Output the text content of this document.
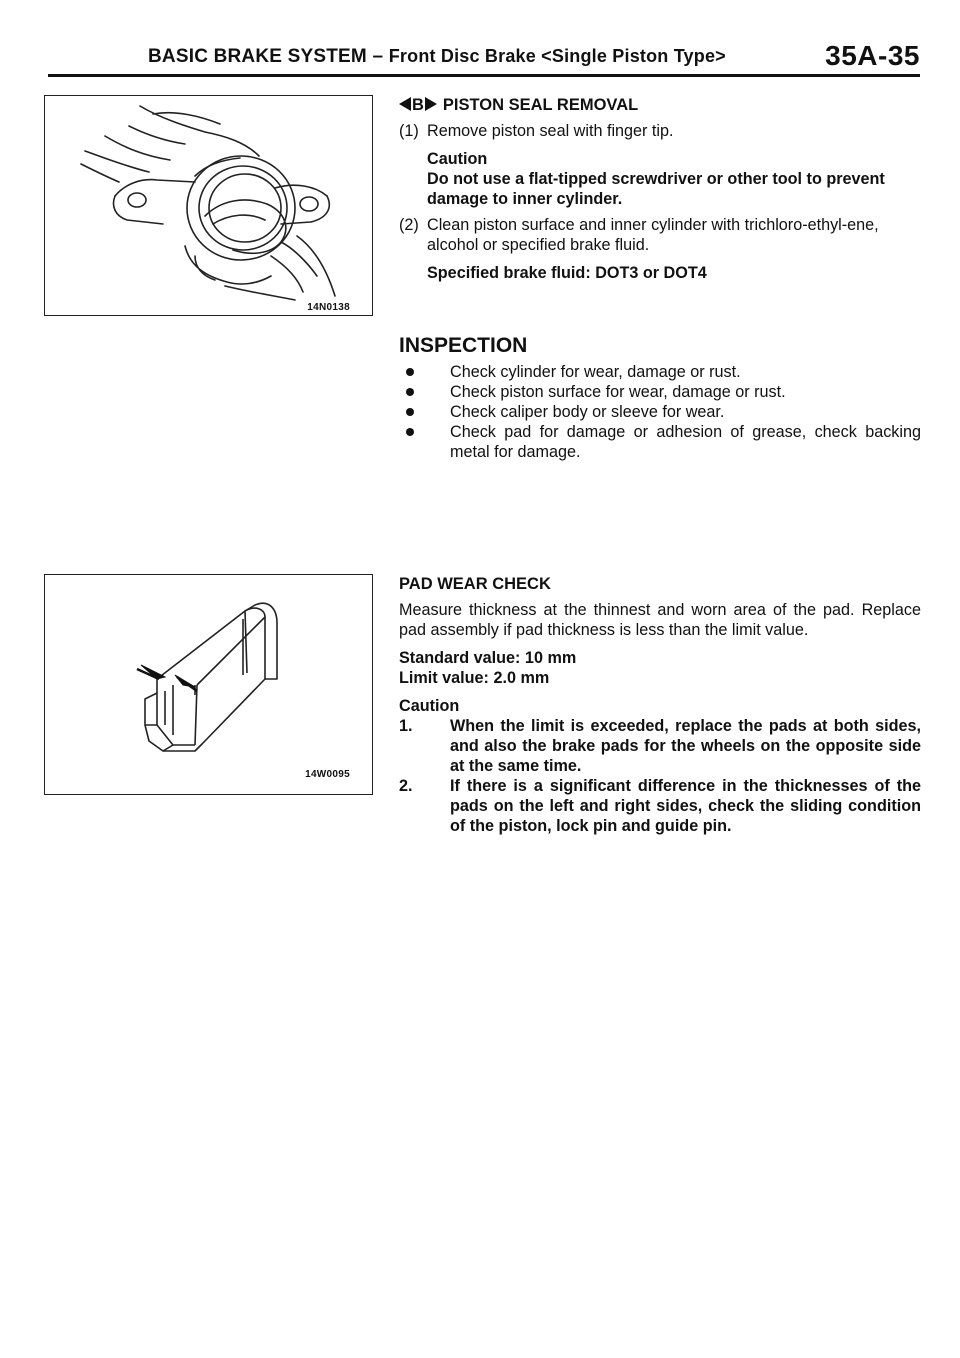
BASIC BRAKE SYSTEM – Front Disc Brake <Single Piston Type>	35A-35
14N0138
14W0095
B PISTON SEAL REMOVAL
(1) Remove piston seal with finger tip.
Caution
Do not use a flat-tipped screwdriver or other tool to prevent damage to inner cylinder.
(2) Clean piston surface and inner cylinder with trichloro-ethyl-ene, alcohol or specified brake fluid.
Specified brake fluid: DOT3 or DOT4
INSPECTION
Check cylinder for wear, damage or rust.
Check piston surface for wear, damage or rust.
Check caliper body or sleeve for wear.
Check pad for damage or adhesion of grease, check backing metal for damage.
PAD WEAR CHECK

Measure thickness at the thinnest and worn area of the pad. Replace pad assembly if pad thickness is less than the limit value.

Standard value: 10 mm
Limit value: 2.0 mm
Caution
1. When the limit is exceeded, replace the pads at both sides, and also the brake pads for the wheels on the opposite side at the same time.
2. If there is a significant difference in the thicknesses of the pads on the left and right sides, check the sliding condition of the piston, lock pin and guide pin.
